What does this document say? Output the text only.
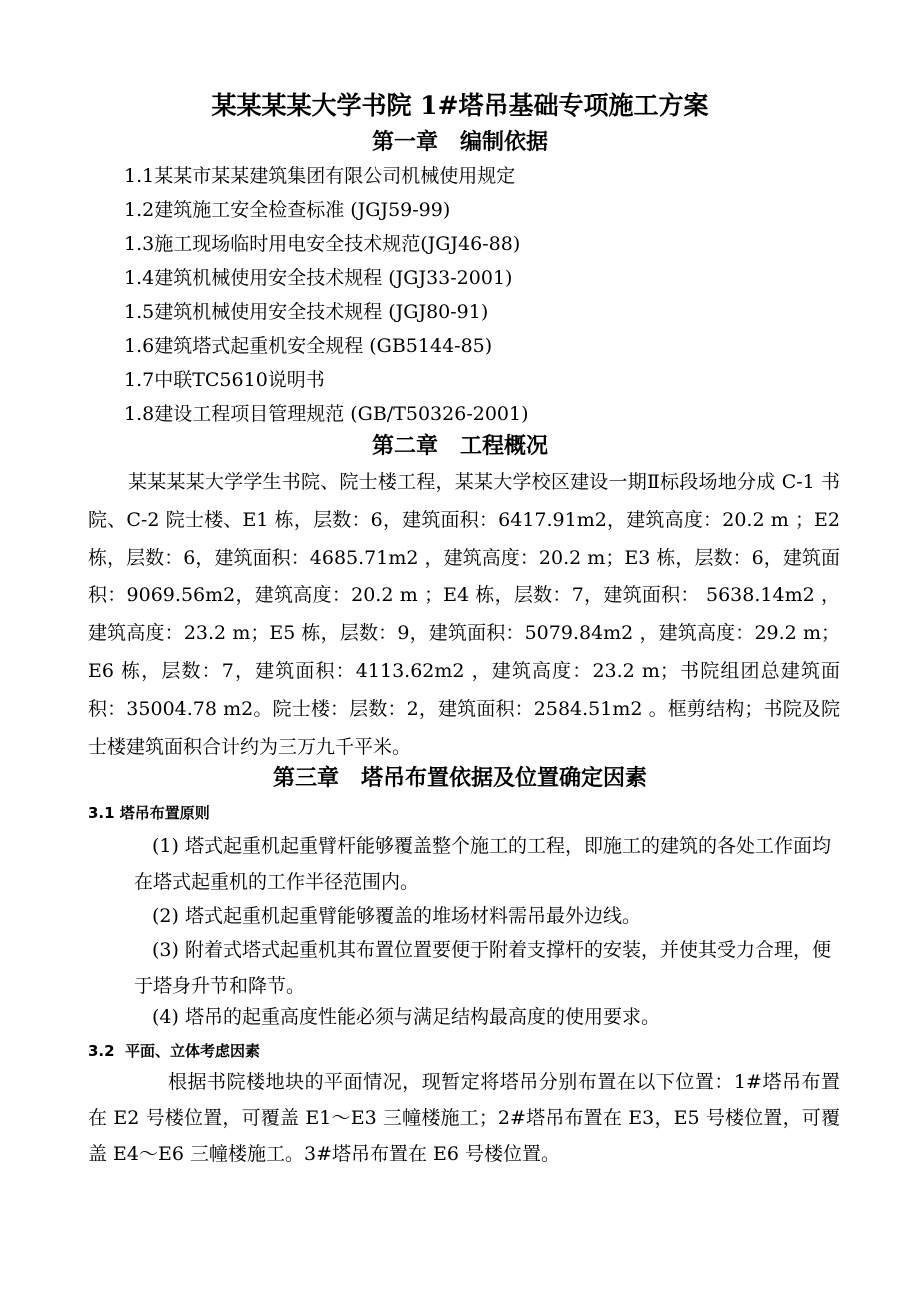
某某某某大学书院 1#塔吊基础专项施工方案
第一章　编制依据
1.1某某市某某建筑集团有限公司机械使用规定
1.2建筑施工安全检查标准 (JGJ59-99)
1.3施工现场临时用电安全技术规范(JGJ46-88)
1.4建筑机械使用安全技术规程 (JGJ33-2001)
1.5建筑机械使用安全技术规程 (JGJ80-91)
1.6建筑塔式起重机安全规程 (GB5144-85)
1.7中联TC5610说明书
1.8建设工程项目管理规范 (GB/T50326-2001)
第二章　工程概况

某某某某大学学生书院、院士楼工程，某某大学校区建设一期Ⅱ标段场地分成 C-1 书院、C-2 院士楼、E1 栋，层数：6，建筑面积：6417.91m2，建筑高度：20.2 m ；E2 栋，层数：6，建筑面积：4685.71m2 ，建筑高度：20.2 m；E3 栋，层数：6，建筑面积：9069.56m2，建筑高度：20.2 m ；E4 栋，层数：7，建筑面积： 5638.14m2 ，建筑高度：23.2 m；E5 栋，层数：9，建筑面积：5079.84m2 ，建筑高度：29.2 m；E6 栋，层数：7，建筑面积：4113.62m2 ，建筑高度：23.2 m；书院组团总建筑面积：35004.78 m2。院士楼：层数：2，建筑面积：2584.51m2 。框剪结构；书院及院士楼建筑面积合计约为三万九千平米。

第三章　塔吊布置依据及位置确定因素
3.1 塔吊布置原则

(1) 塔式起重机起重臂杆能够覆盖整个施工的工程，即施工的建筑的各处工作面均在塔式起重机的工作半径范围内。

(2) 塔式起重机起重臂能够覆盖的堆场材料需吊最外边线。

(3) 附着式塔式起重机其布置位置要便于附着支撑杆的安装，并使其受力合理，便于塔身升节和降节。

(4) 塔吊的起重高度性能必须与满足结构最高度的使用要求。

3.2  平面、立体考虑因素

根据书院楼地块的平面情况，现暂定将塔吊分别布置在以下位置：1#塔吊布置在 E2 号楼位置，可覆盖 E1～E3 三幢楼施工；2#塔吊布置在 E3，E5 号楼位置，可覆盖 E4～E6 三幢楼施工。3#塔吊布置在 E6 号楼位置。
